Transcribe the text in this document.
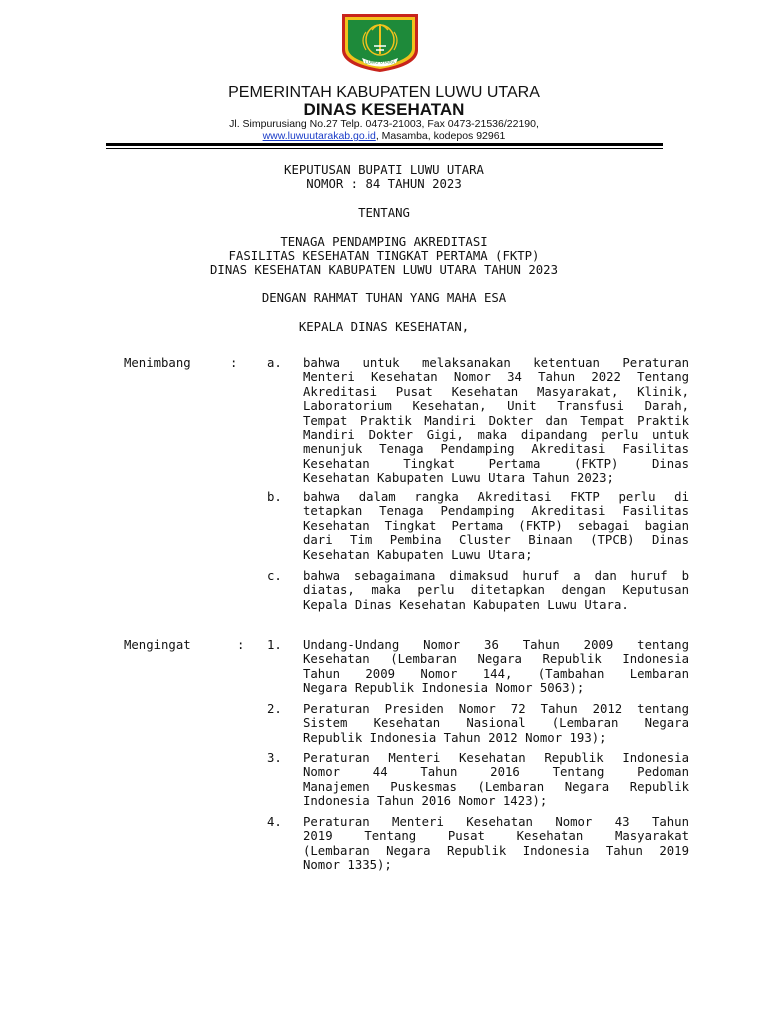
LUWU UTARA
PEMERINTAH KABUPATEN LUWU UTARA
DINAS KESEHATAN
Jl. Simpurusiang No.27 Telp. 0473-21003, Fax 0473-21536/22190,
www.luwuutarakab.go.id, Masamba, kodepos 92961
KEPUTUSAN BUPATI LUWU UTARA
NOMOR : 84 TAHUN 2023
TENTANG
TENAGA PENDAMPING AKREDITASI
FASILITAS KESEHATAN TINGKAT PERTAMA (FKTP)
DINAS KESEHATAN KABUPATEN LUWU UTARA TAHUN 2023
DENGAN RAHMAT TUHAN YANG MAHA ESA
KEPALA DINAS KESEHATAN,
Menimbang	: a. bahwa untuk melaksanakan ketentuan Peraturan
Menteri Kesehatan Nomor 34 Tahun 2022 Tentang
Akreditasi Pusat Kesehatan Masyarakat, Klinik,
Laboratorium Kesehatan, Unit Transfusi Darah,
Tempat Praktik Mandiri Dokter dan Tempat Praktik
Mandiri Dokter Gigi, maka dipandang perlu untuk
menunjuk Tenaga Pendamping Akreditasi Fasilitas
Kesehatan Tingkat Pertama (FKTP) Dinas
Kesehatan Kabupaten Luwu Utara Tahun 2023;
b. bahwa dalam rangka Akreditasi FKTP perlu di
tetapkan Tenaga Pendamping Akreditasi Fasilitas
Kesehatan Tingkat Pertama (FKTP) sebagai bagian
dari Tim Pembina Cluster Binaan (TPCB) Dinas
Kesehatan Kabupaten Luwu Utara;
c. bahwa sebagaimana dimaksud huruf a dan huruf b
diatas, maka perlu ditetapkan dengan Keputusan
Kepala Dinas Kesehatan Kabupaten Luwu Utara.
Mengingat	: 1. Undang-Undang Nomor 36 Tahun 2009 tentang
Kesehatan (Lembaran Negara Republik Indonesia
Tahun 2009 Nomor 144, (Tambahan Lembaran
Negara Republik Indonesia Nomor 5063);
2. Peraturan Presiden Nomor 72 Tahun 2012 tentang
Sistem Kesehatan Nasional (Lembaran Negara
Republik Indonesia Tahun 2012 Nomor 193);
3. Peraturan Menteri Kesehatan Republik Indonesia
Nomor 44 Tahun 2016 Tentang Pedoman
Manajemen Puskesmas (Lembaran Negara Republik
Indonesia Tahun 2016 Nomor 1423);
4. Peraturan Menteri Kesehatan Nomor 43 Tahun
2019 Tentang Pusat Kesehatan Masyarakat
(Lembaran Negara Republik Indonesia Tahun 2019
Nomor 1335);
